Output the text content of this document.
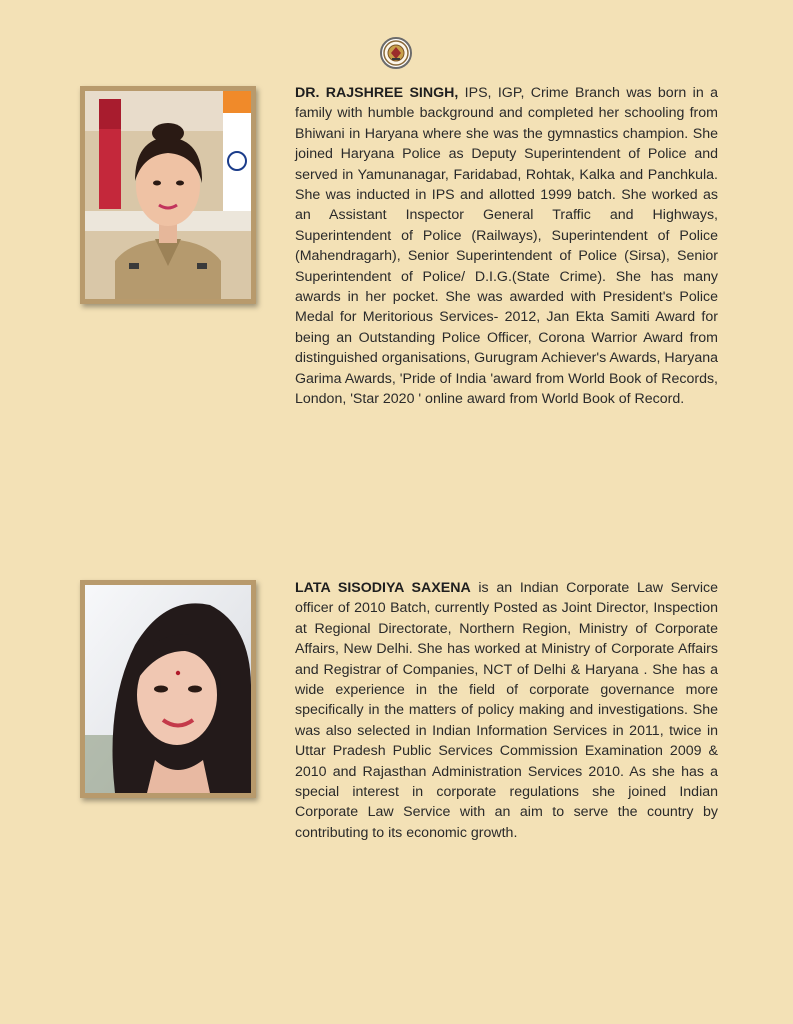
DR. RAJSHREE SINGH, IPS, IGP, Crime Branch was born in a family with humble background and completed her schooling from Bhiwani in Haryana where she was the gymnastics champion. She joined Haryana Police as Deputy Superintendent of Police and served in Yamunanagar, Faridabad, Rohtak, Kalka and Panchkula. She was inducted in IPS and allotted 1999 batch. She worked as an Assistant Inspector General Traffic and Highways, Superintendent of Police (Railways), Superintendent of Police (Mahendragarh), Senior Superintendent of Police (Sirsa), Senior Superintendent of Police/ D.I.G.(State Crime). She has many awards in her pocket. She was awarded with President's Police Medal for Meritorious Services- 2012, Jan Ekta Samiti Award for being an Outstanding Police Officer, Corona Warrior Award from distinguished organisations, Gurugram Achiever's Awards, Haryana Garima Awards, 'Pride of India 'award from World Book of Records, London, 'Star 2020 ' online award from World Book of Record.

LATA SISODIYA SAXENA is an Indian Corporate Law Service officer of 2010 Batch, currently Posted as Joint Director, Inspection at Regional Directorate, Northern Region, Ministry of Corporate Affairs, New Delhi. She has worked at Ministry of Corporate Affairs and Registrar of Companies, NCT of Delhi & Haryana . She has a wide experience in the field of corporate governance more specifically in the matters of policy making and investigations. She was also selected in Indian Information Services in 2011, twice in Uttar Pradesh Public Services Commission Examination 2009 & 2010 and Rajasthan Administration Services 2010. As she has a special interest in corporate regulations she joined Indian Corporate Law Service with an aim to serve the country by contributing to its economic growth.
